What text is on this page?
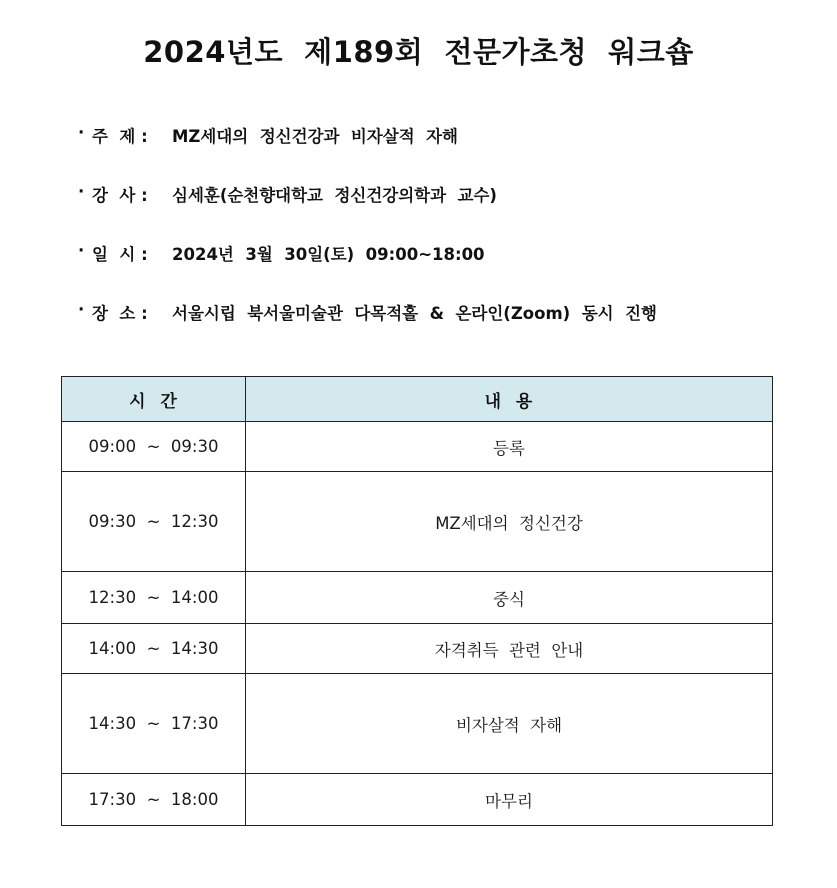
2024년도  제189회  전문가초청  워크숍
· 주  제 :	MZ세대의  정신건강과  비자살적  자해
· 강  사 :	심세훈(순천향대학교  정신건강의학과  교수)
· 일  시 :	2024년  3월  30일(토)  09:00~18:00
· 장  소 :	서울시립  북서울미술관  다목적홀  &  온라인(Zoom)  동시  진행
시  간	내  용
09:00  ~  09:30	등록
09:30  ~  12:30	MZ세대의  정신건강
12:30  ~  14:00	중식
14:00  ~  14:30	자격취득  관련  안내
14:30  ~  17:30	비자살적  자해
17:30  ~  18:00	마무리
